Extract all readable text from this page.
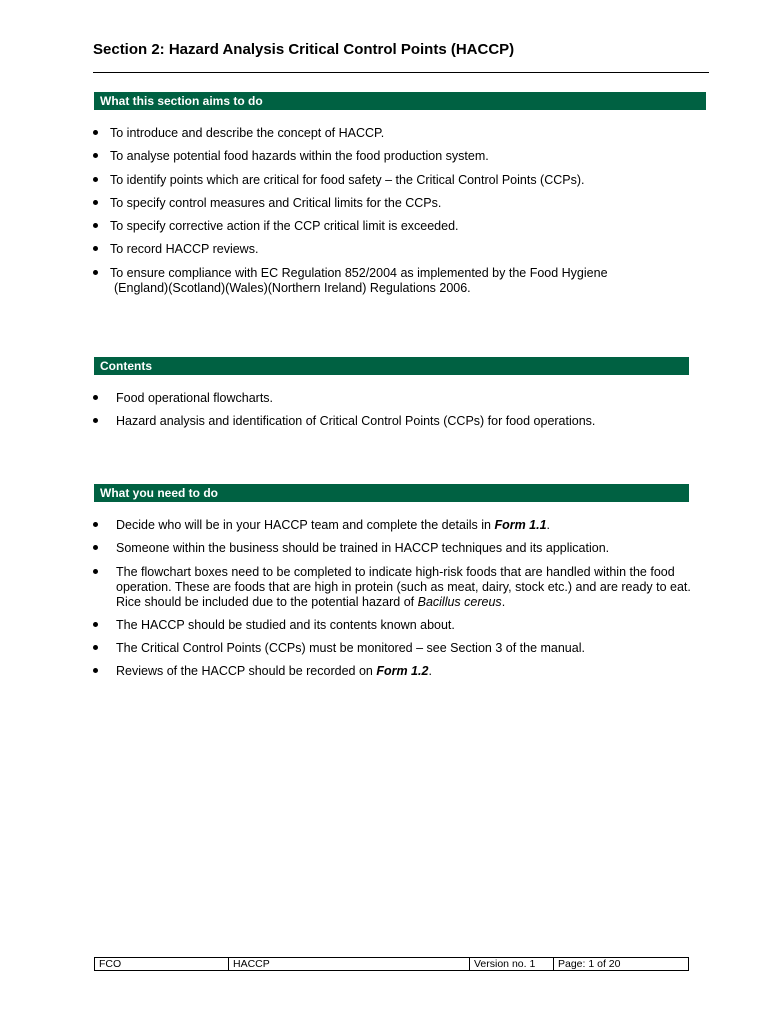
Section 2: Hazard Analysis Critical Control Points (HACCP)
What this section aims to do
To introduce and describe the concept of HACCP.
To analyse potential food hazards within the food production system.
To identify points which are critical for food safety – the Critical Control Points (CCPs).
To specify control measures and Critical limits for the CCPs.
To specify corrective action if the CCP critical limit is exceeded.
To record HACCP reviews.
To ensure compliance with EC Regulation 852/2004 as implemented by the Food Hygiene
(England)(Scotland)(Wales)(Northern Ireland) Regulations 2006.
Contents
Food operational flowcharts.
Hazard analysis and identification of Critical Control Points (CCPs) for food operations.
What you need to do
Decide who will be in your HACCP team and complete the details in Form 1.1.
Someone within the business should be trained in HACCP techniques and its application.
The flowchart boxes need to be completed to indicate high-risk foods that are handled within the food operation. These are foods that are high in protein (such as meat, dairy, stock etc.) and are ready to eat. Rice should be included due to the potential hazard of Bacillus cereus.
The HACCP should be studied and its contents known about.
The Critical Control Points (CCPs) must be monitored – see Section 3 of the manual.
Reviews of the HACCP should be recorded on Form 1.2.
FCO	HACCP	Version no. 1	Page: 1 of 20
